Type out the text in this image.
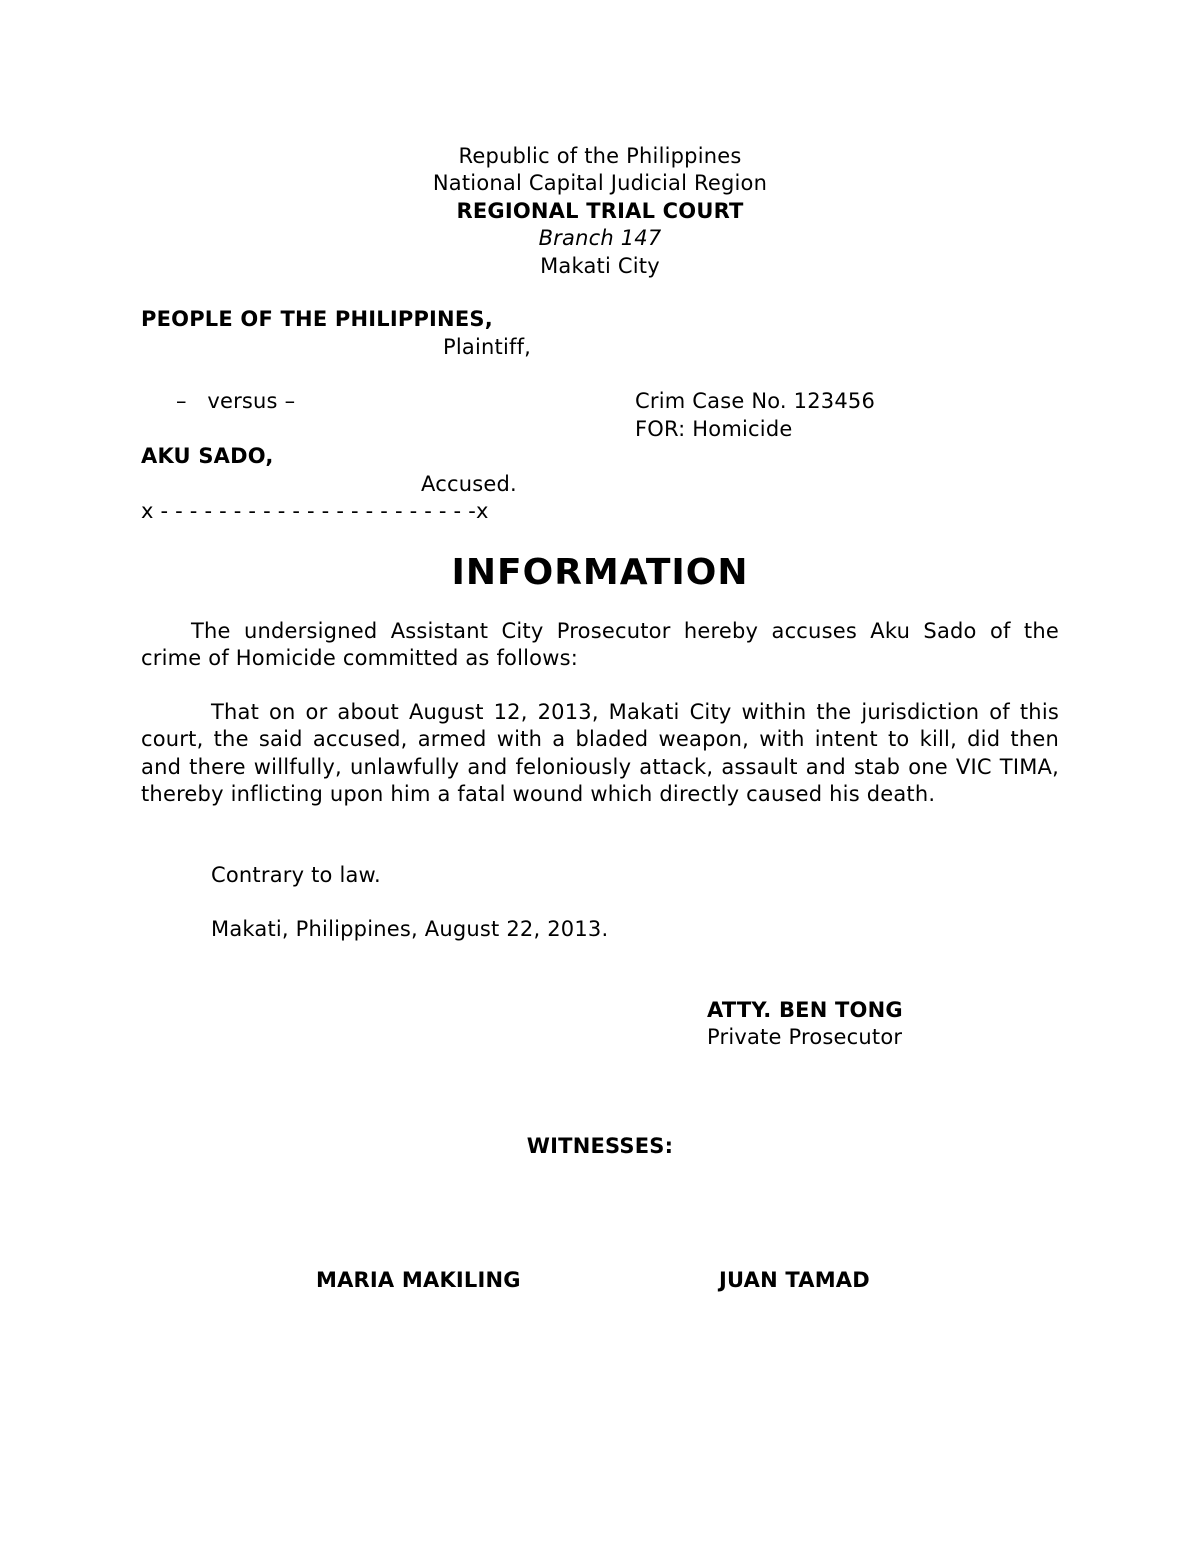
Republic of the Philippines
National Capital Judicial Region
REGIONAL TRIAL COURT
Branch 147
Makati City
PEOPLE OF THE PHILIPPINES,
Plaintiff,
–   versus –	Crim Case No. 123456
FOR: Homicide
AKU SADO,
Accused.
x - - - - - - - - - - - - - - - - - - - - - -x
INFORMATION
The undersigned Assistant City Prosecutor hereby accuses Aku Sado of the crime of Homicide committed as follows:
That on or about August 12, 2013, Makati City within the jurisdiction of this court, the said accused, armed with a bladed weapon, with intent to kill, did then and there willfully, unlawfully and feloniously attack, assault and stab one VIC TIMA, thereby inflicting upon him a fatal wound which directly caused his death.
Contrary to law.
Makati, Philippines, August 22, 2013.
ATTY. BEN TONG
Private Prosecutor
WITNESSES:
MARIA MAKILING	JUAN TAMAD
